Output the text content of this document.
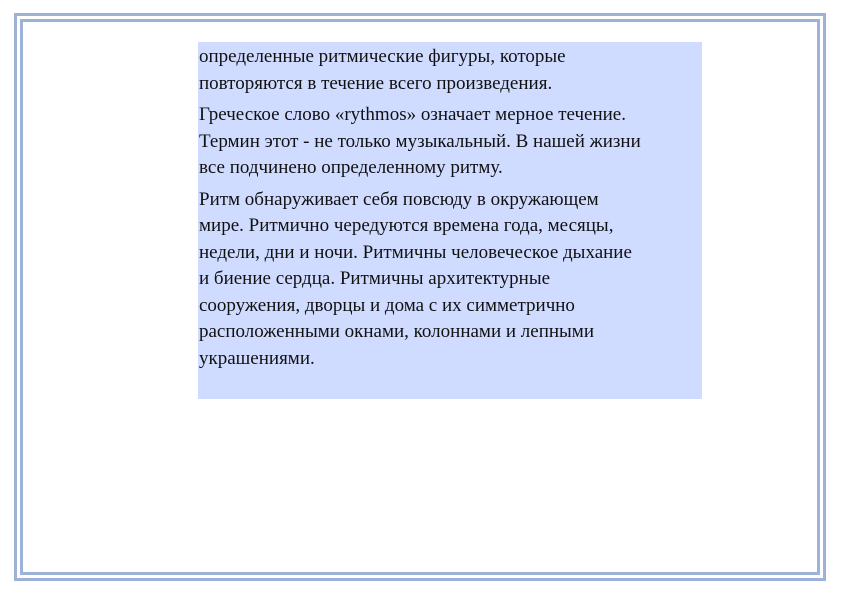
определенные ритмические фигуры, которые
повторяются в течение всего произведения.

Греческое слово «rythmos» означает мерное течение.
Термин этот - не только музыкальный. В нашей жизни
все подчинено определенному ритму.

Ритм обнаруживает себя повсюду в окружающем
мире. Ритмично чередуются времена года, месяцы,
недели, дни и ночи. Ритмичны человеческое дыхание
и биение сердца. Ритмичны архитектурные
сооружения, дворцы и дома с их симметрично
расположенными окнами, колоннами и лепными
украшениями.
